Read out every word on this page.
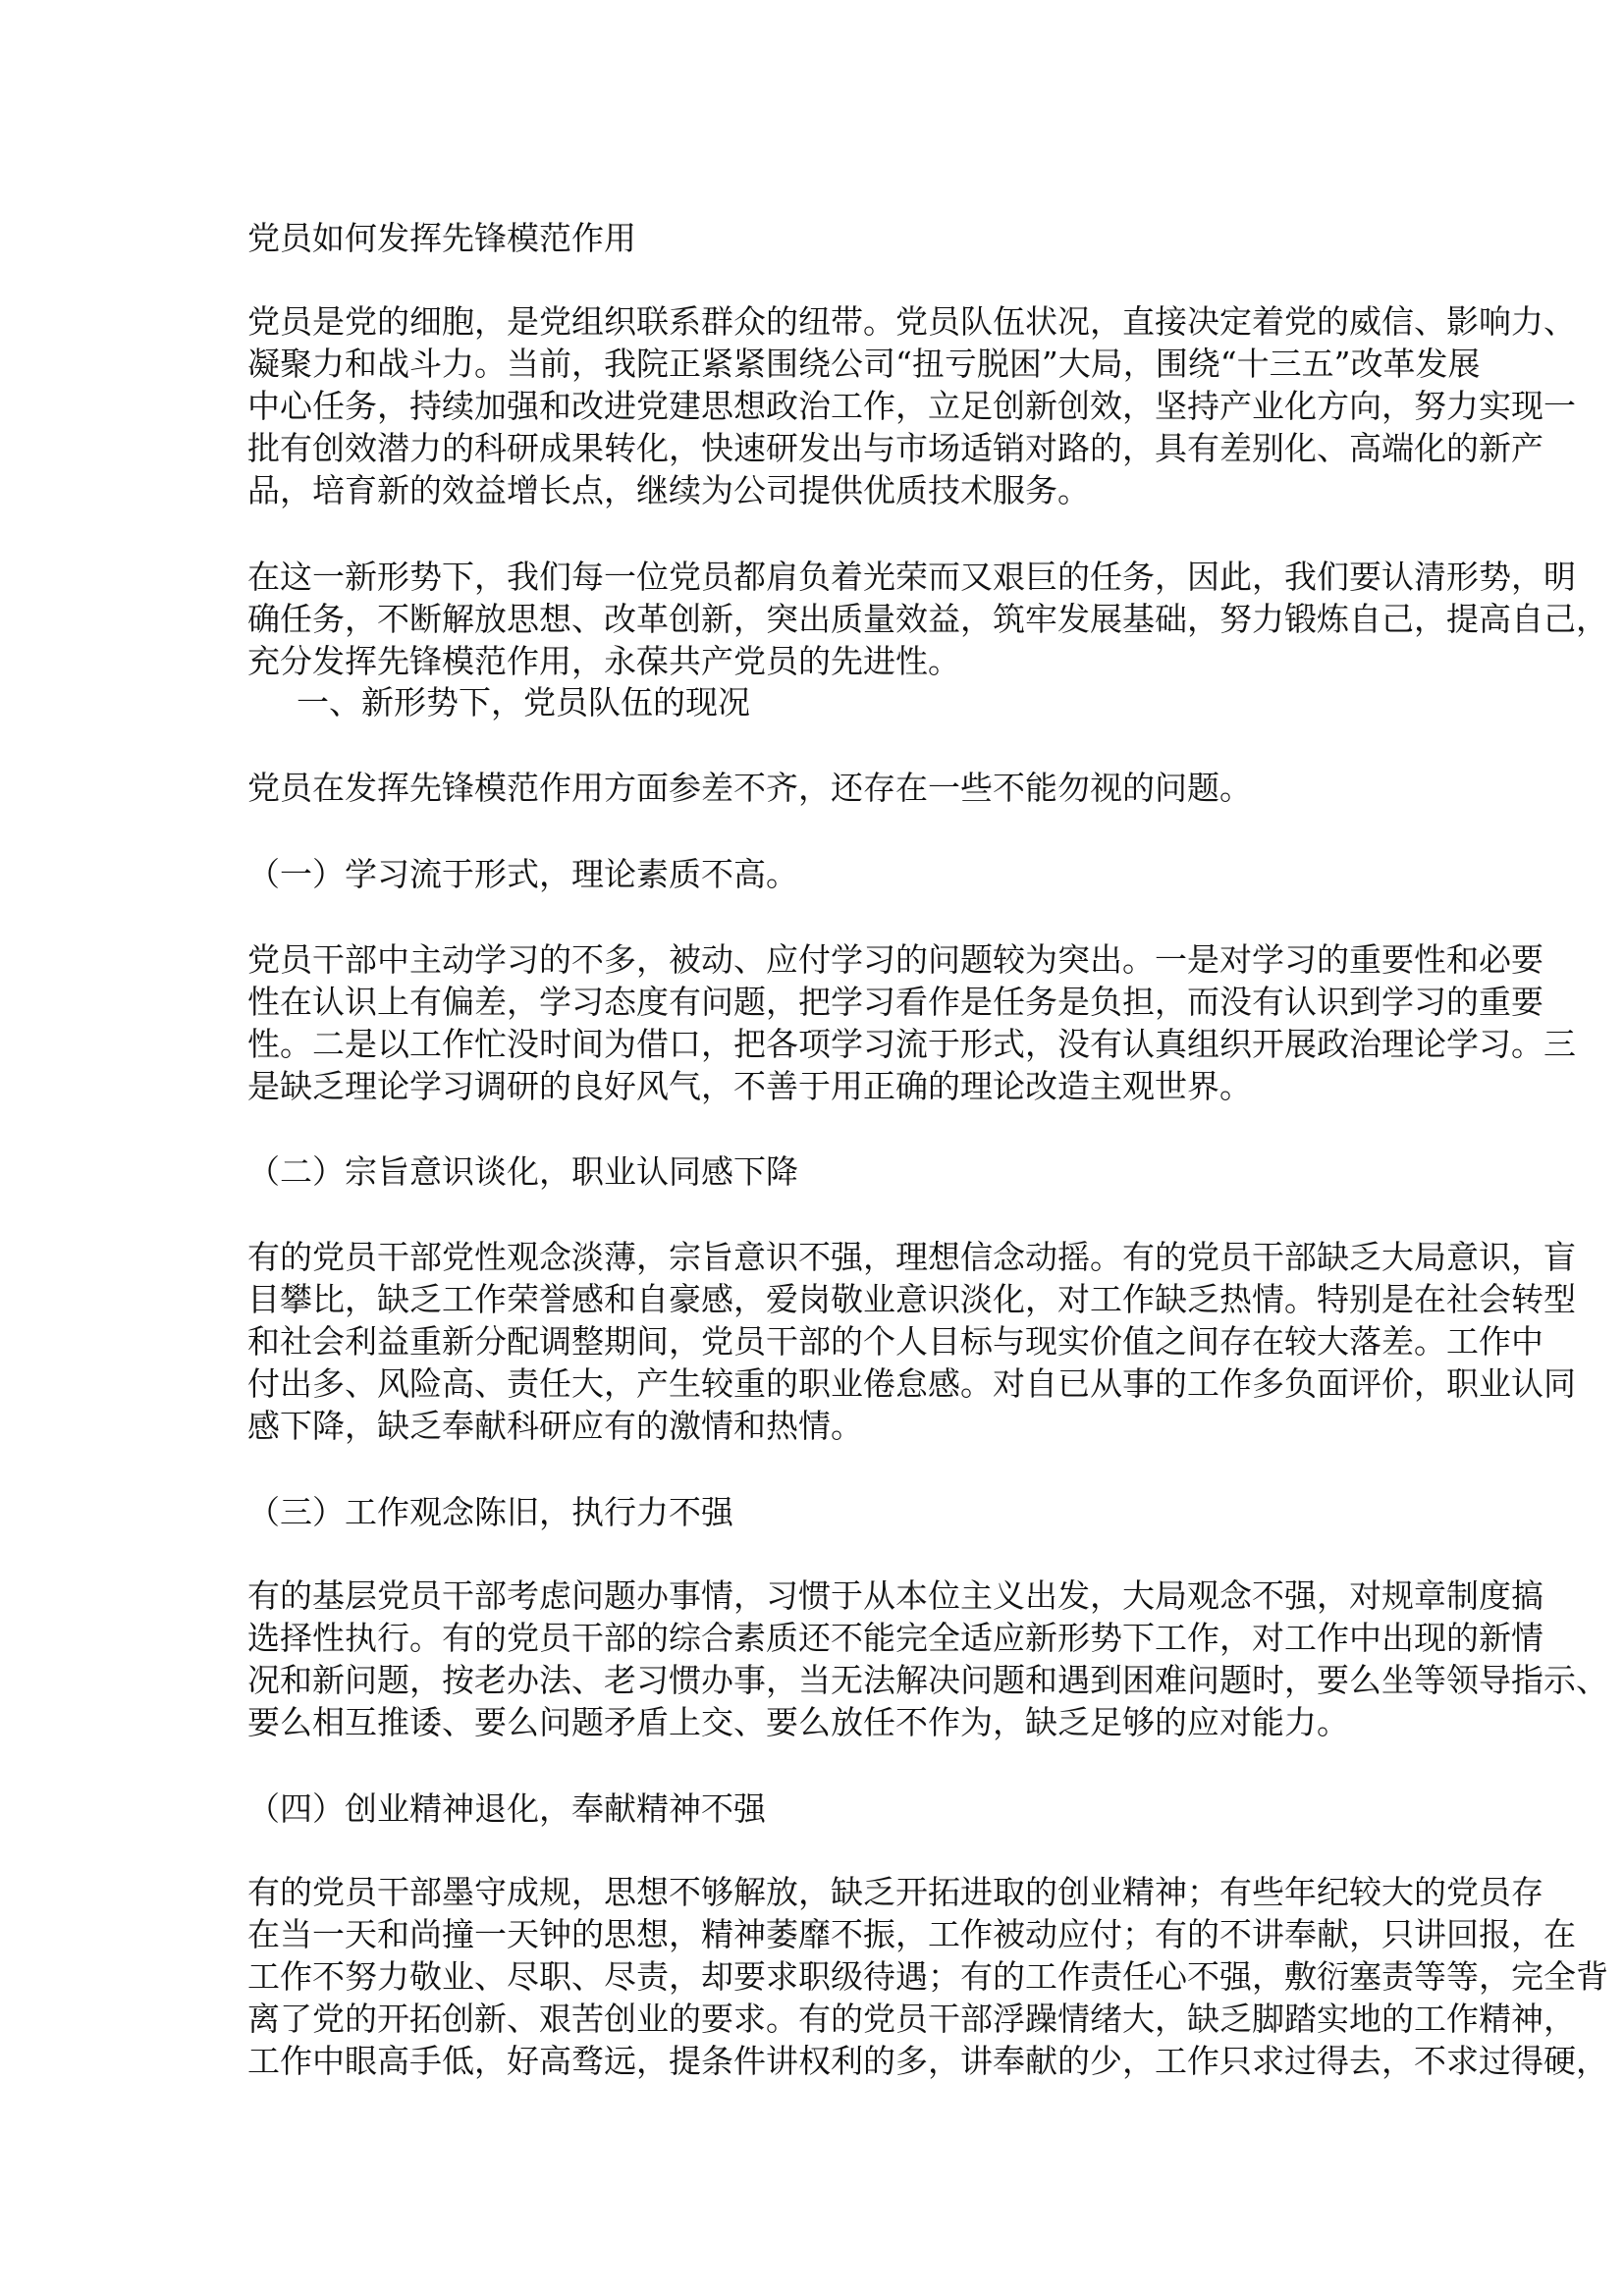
党员如何发挥先锋模范作用
党员是党的细胞，是党组织联系群众的纽带。党员队伍状况，直接决定着党的威信、影响力、
凝聚力和战斗力。当前，我院正紧紧围绕公司“扭亏脱困”大局，围绕“十三五”改革发展
中心任务，持续加强和改进党建思想政治工作，立足创新创效，坚持产业化方向，努力实现一
批有创效潜力的科研成果转化，快速研发出与市场适销对路的，具有差别化、高端化的新产
品，培育新的效益增长点，继续为公司提供优质技术服务。
在这一新形势下，我们每一位党员都肩负着光荣而又艰巨的任务，因此，我们要认清形势，明
确任务，不断解放思想、改革创新，突出质量效益，筑牢发展基础，努力锻炼自己，提高自己，
充分发挥先锋模范作用，永葆共产党员的先进性。
一、新形势下，党员队伍的现况
党员在发挥先锋模范作用方面参差不齐，还存在一些不能勿视的问题。
（一）学习流于形式，理论素质不高。
党员干部中主动学习的不多，被动、应付学习的问题较为突出。一是对学习的重要性和必要
性在认识上有偏差，学习态度有问题，把学习看作是任务是负担，而没有认识到学习的重要
性。二是以工作忙没时间为借口，把各项学习流于形式，没有认真组织开展政治理论学习。三
是缺乏理论学习调研的良好风气，不善于用正确的理论改造主观世界。
（二）宗旨意识谈化，职业认同感下降
有的党员干部党性观念淡薄，宗旨意识不强，理想信念动摇。有的党员干部缺乏大局意识，盲
目攀比，缺乏工作荣誉感和自豪感，爱岗敬业意识淡化，对工作缺乏热情。特别是在社会转型
和社会利益重新分配调整期间，党员干部的个人目标与现实价值之间存在较大落差。工作中
付出多、风险高、责任大，产生较重的职业倦怠感。对自已从事的工作多负面评价，职业认同
感下降，缺乏奉献科研应有的激情和热情。
（三）工作观念陈旧，执行力不强
有的基层党员干部考虑问题办事情，习惯于从本位主义出发，大局观念不强，对规章制度搞
选择性执行。有的党员干部的综合素质还不能完全适应新形势下工作，对工作中出现的新情
况和新问题，按老办法、老习惯办事，当无法解决问题和遇到困难问题时，要么坐等领导指示、
要么相互推诿、要么问题矛盾上交、要么放任不作为，缺乏足够的应对能力。
（四）创业精神退化，奉献精神不强
有的党员干部墨守成规，思想不够解放，缺乏开拓进取的创业精神；有些年纪较大的党员存
在当一天和尚撞一天钟的思想，精神萎靡不振，工作被动应付；有的不讲奉献，只讲回报，在
工作不努力敬业、尽职、尽责，却要求职级待遇；有的工作责任心不强，敷衍塞责等等，完全背
离了党的开拓创新、艰苦创业的要求。有的党员干部浮躁情绪大，缺乏脚踏实地的工作精神，
工作中眼高手低，好高骛远，提条件讲权利的多，讲奉献的少，工作只求过得去，不求过得硬，
